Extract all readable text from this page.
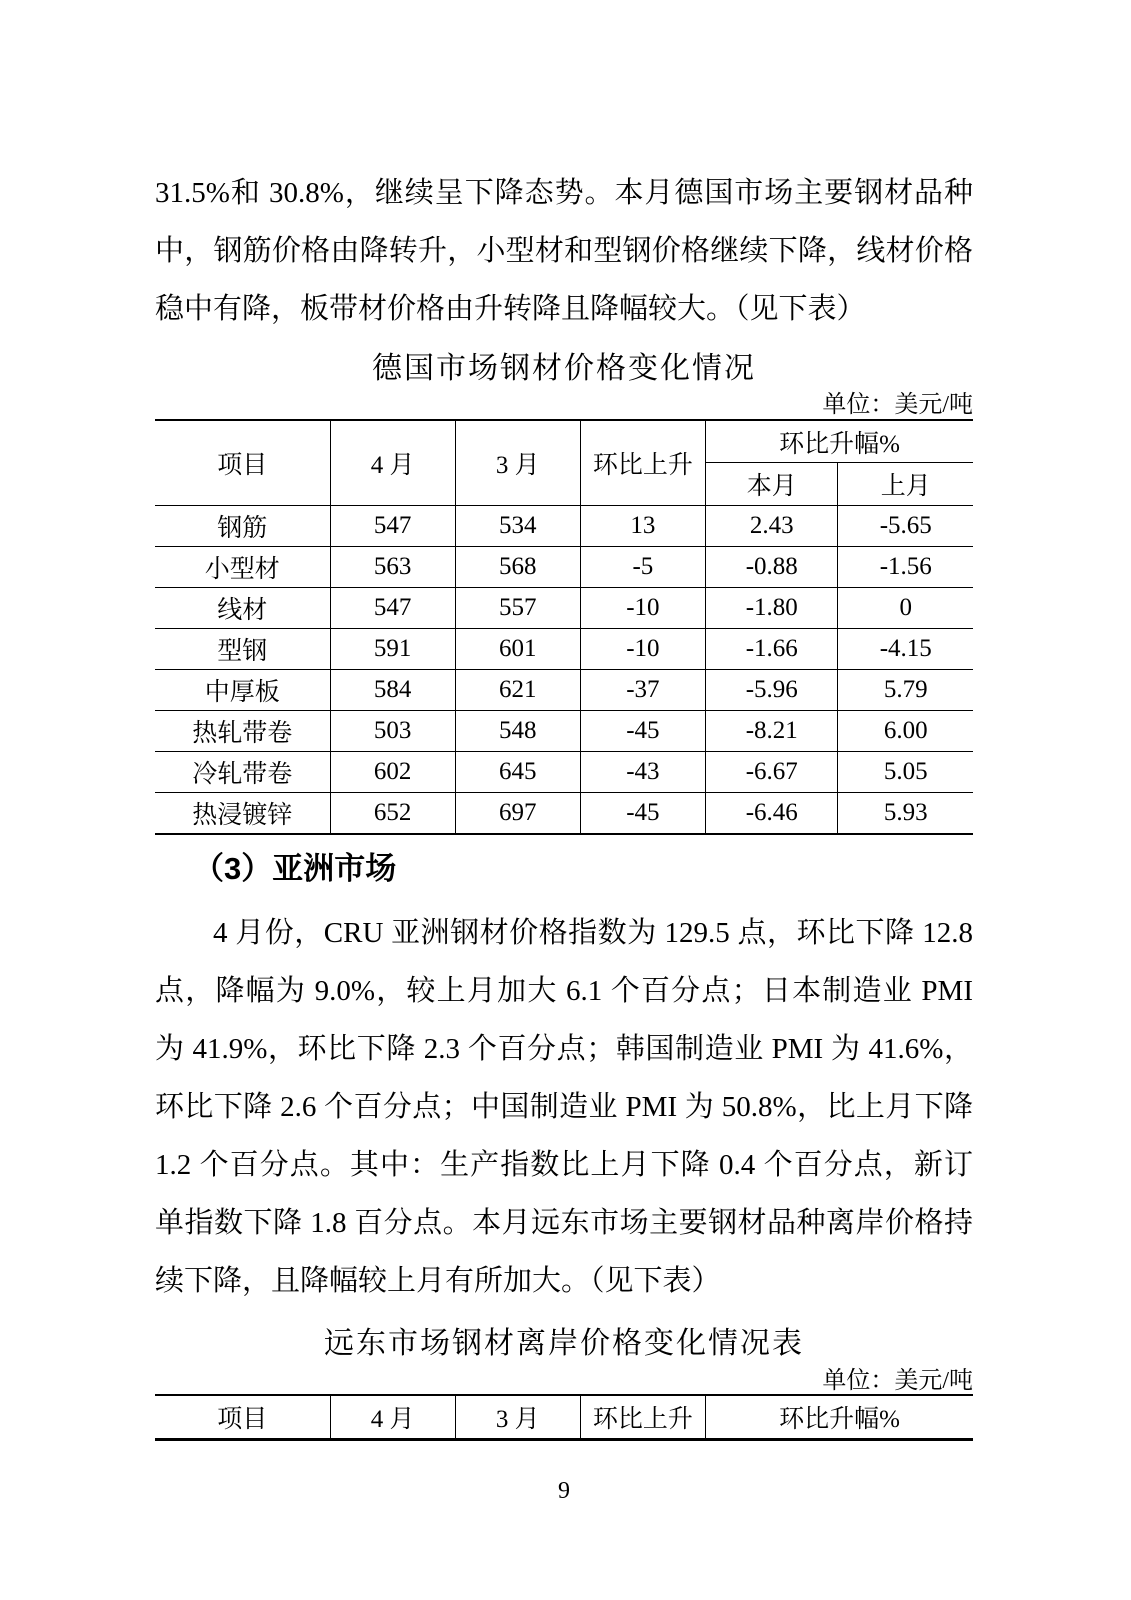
31.5%和 30.8%，继续呈下降态势。本月德国市场主要钢材品种中，钢筋价格由降转升，小型材和型钢价格继续下降，线材价格稳中有降，板带材价格由升转降且降幅较大。（见下表）

德国市场钢材价格变化情况
单位：美元/吨
项目	4 月	3 月	环比上升	环比升幅%	
				本月	上月
钢筋	547	534	13	2.43	-5.65
小型材	563	568	-5	-0.88	-1.56
线材	547	557	-10	-1.80	0
型钢	591	601	-10	-1.66	-4.15
中厚板	584	621	-37	-5.96	5.79
热轧带卷	503	548	-45	-8.21	6.00
冷轧带卷	602	645	-43	-6.67	5.05
热浸镀锌	652	697	-45	-6.46	5.93
（3）亚洲市场

4 月份，CRU 亚洲钢材价格指数为 129.5 点，环比下降 12.8 点，降幅为 9.0%，较上月加大 6.1 个百分点；日本制造业 PMI 为 41.9%，环比下降 2.3 个百分点；韩国制造业 PMI 为 41.6%，环比下降 2.6 个百分点；中国制造业 PMI 为 50.8%，比上月下降 1.2 个百分点。其中：生产指数比上月下降 0.4 个百分点，新订单指数下降 1.8 百分点。本月远东市场主要钢材品种离岸价格持续下降，且降幅较上月有所加大。（见下表）

远东市场钢材离岸价格变化情况表
单位：美元/吨
项目	4 月	3 月	环比上升	环比升幅%
9
